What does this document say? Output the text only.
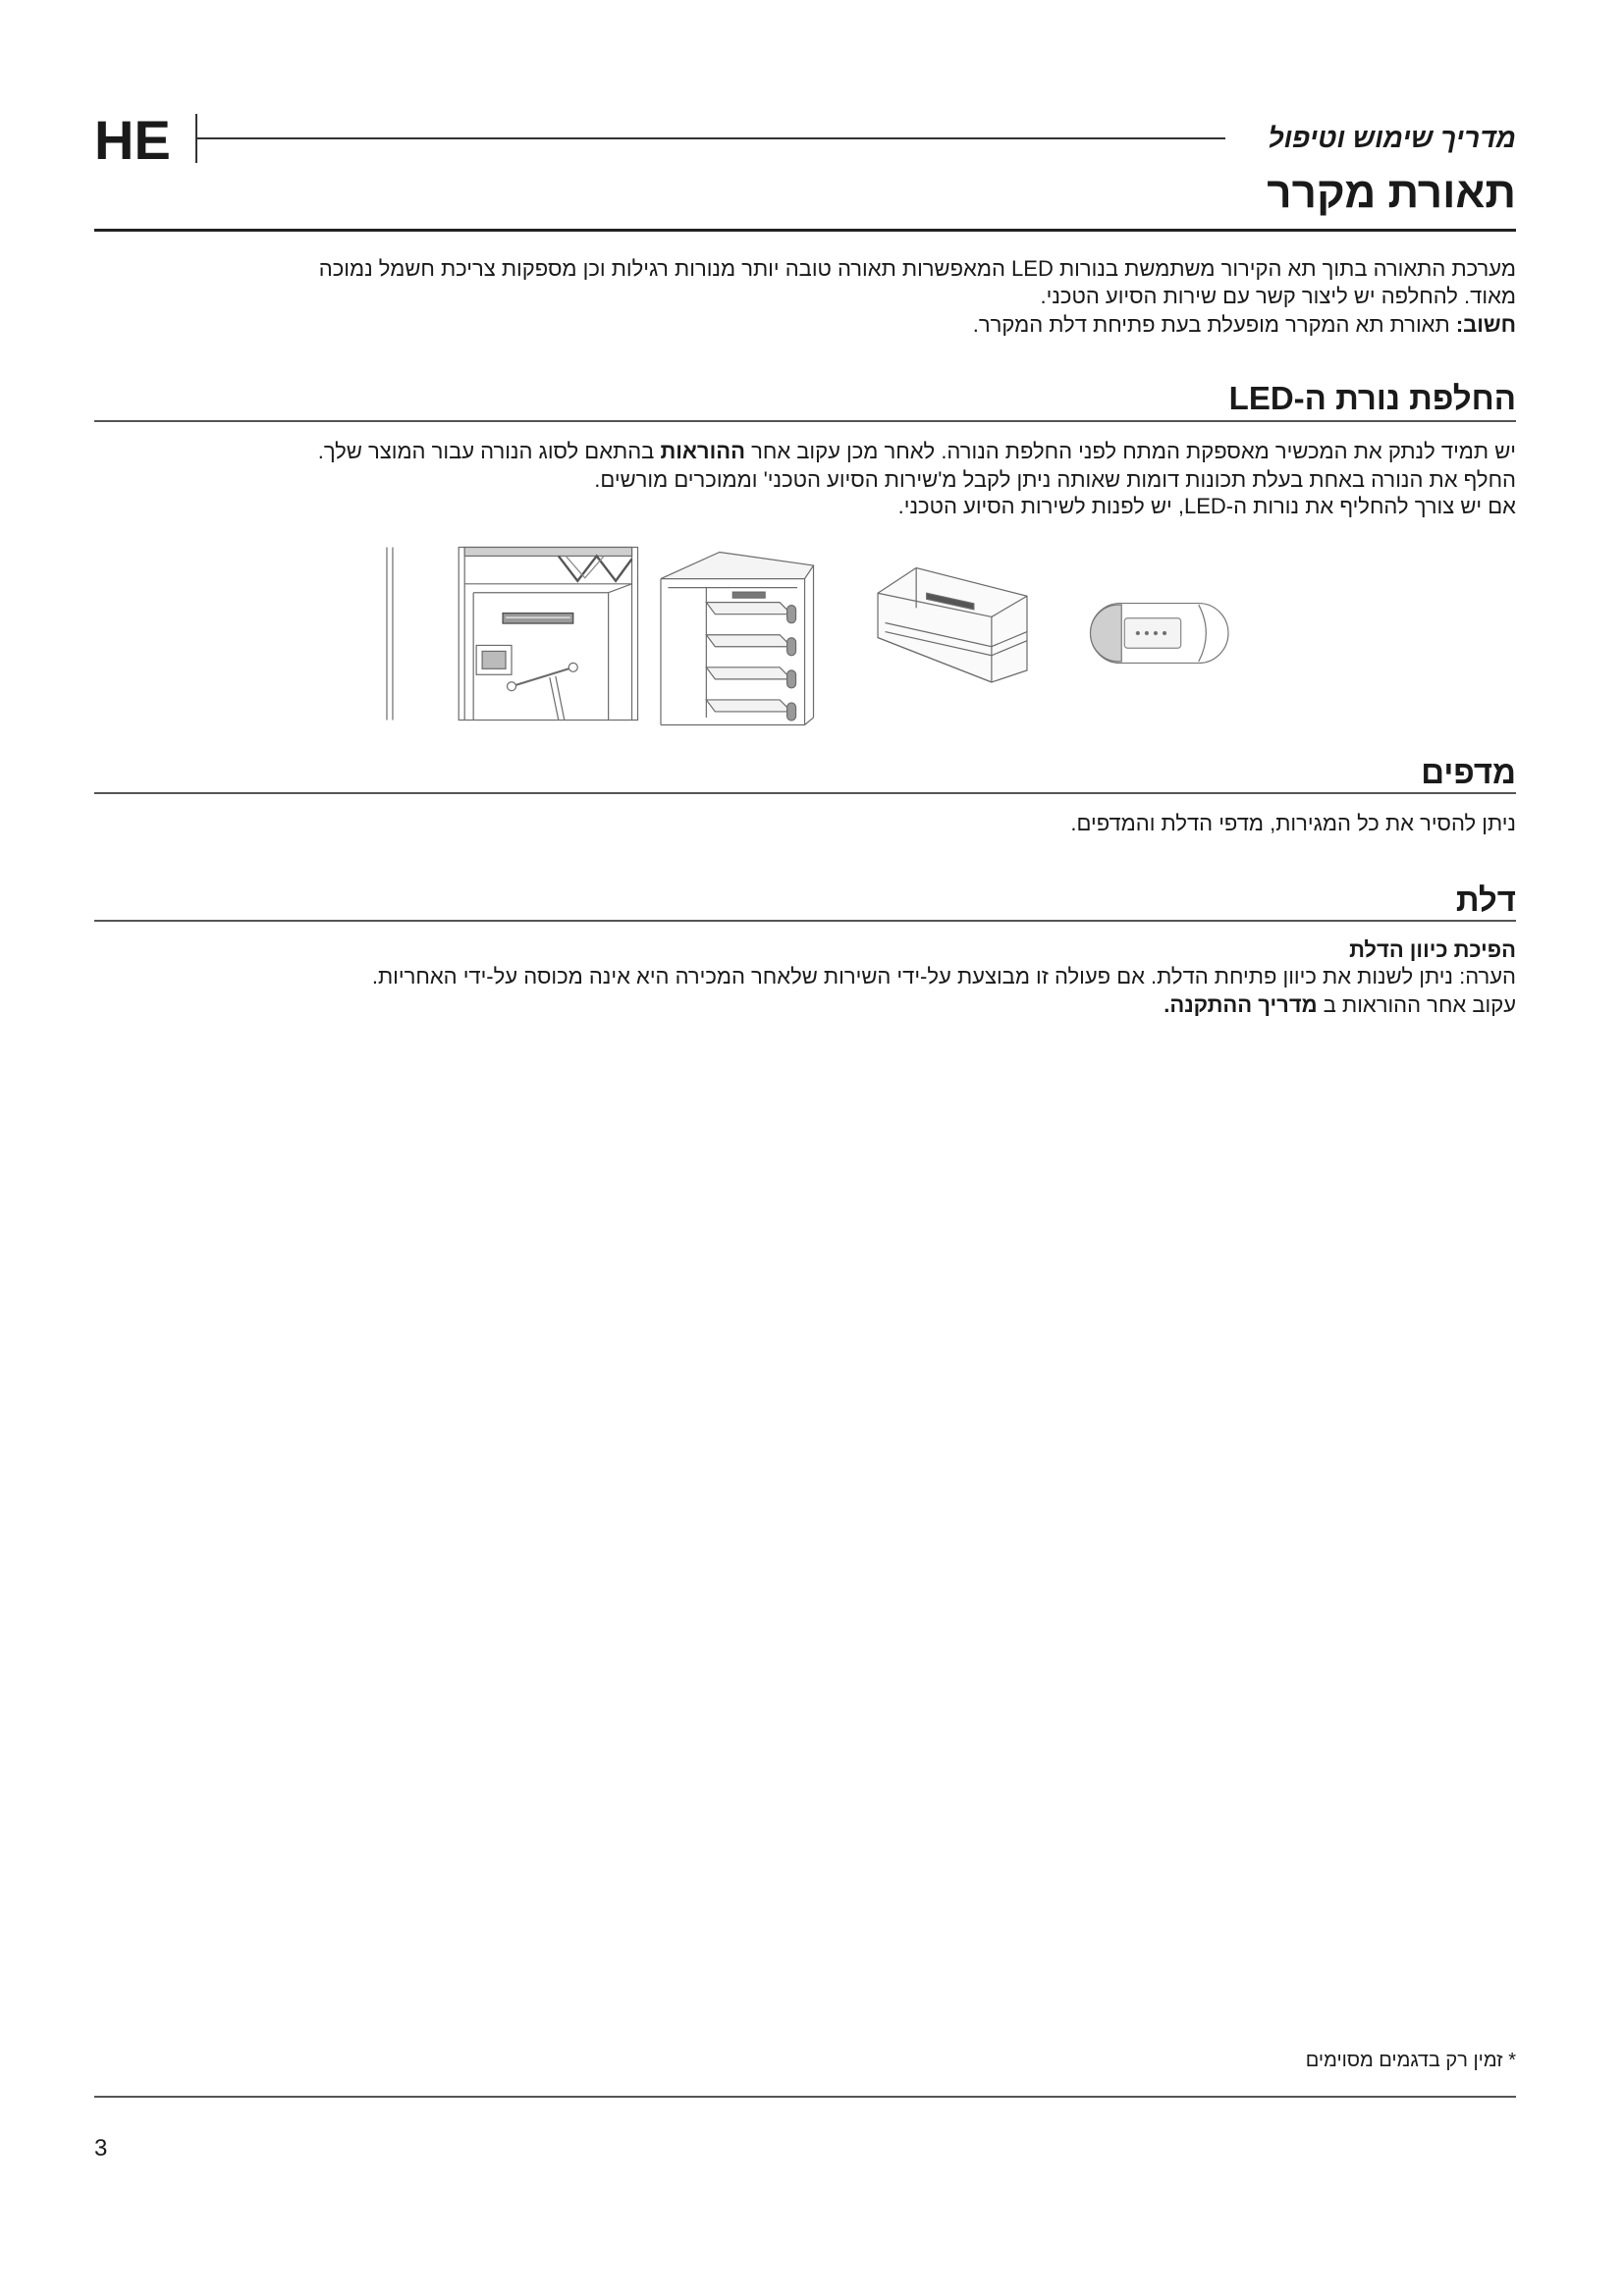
HE	מדריך שימוש וטיפול
תאורת מקרר
מערכת התאורה בתוך תא הקירור משתמשת בנורות LED המאפשרות תאורה טובה יותר מנורות רגילות וכן מספקות צריכת חשמל נמוכה
מאוד. להחלפה יש ליצור קשר עם שירות הסיוע הטכני.
חשוב: תאורת תא המקרר מופעלת בעת פתיחת דלת המקרר.
החלפת נורת ה-LED
יש תמיד לנתק את המכשיר מאספקת המתח לפני החלפת הנורה. לאחר מכן עקוב אחר ההוראות בהתאם לסוג הנורה עבור המוצר שלך.
החלף את הנורה באחת בעלת תכונות דומות שאותה ניתן לקבל מ'שירות הסיוע הטכני' וממוכרים מורשים.
אם יש צורך להחליף את נורות ה-LED, יש לפנות לשירות הסיוע הטכני.
מדפים
ניתן להסיר את כל המגירות, מדפי הדלת והמדפים.
דלת
הפיכת כיוון הדלת
הערה: ניתן לשנות את כיוון פתיחת הדלת. אם פעולה זו מבוצעת על-ידי השירות שלאחר המכירה היא אינה מכוסה על-ידי האחריות.
עקוב אחר ההוראות ב מדריך ההתקנה.
* זמין רק בדגמים מסוימים
3
